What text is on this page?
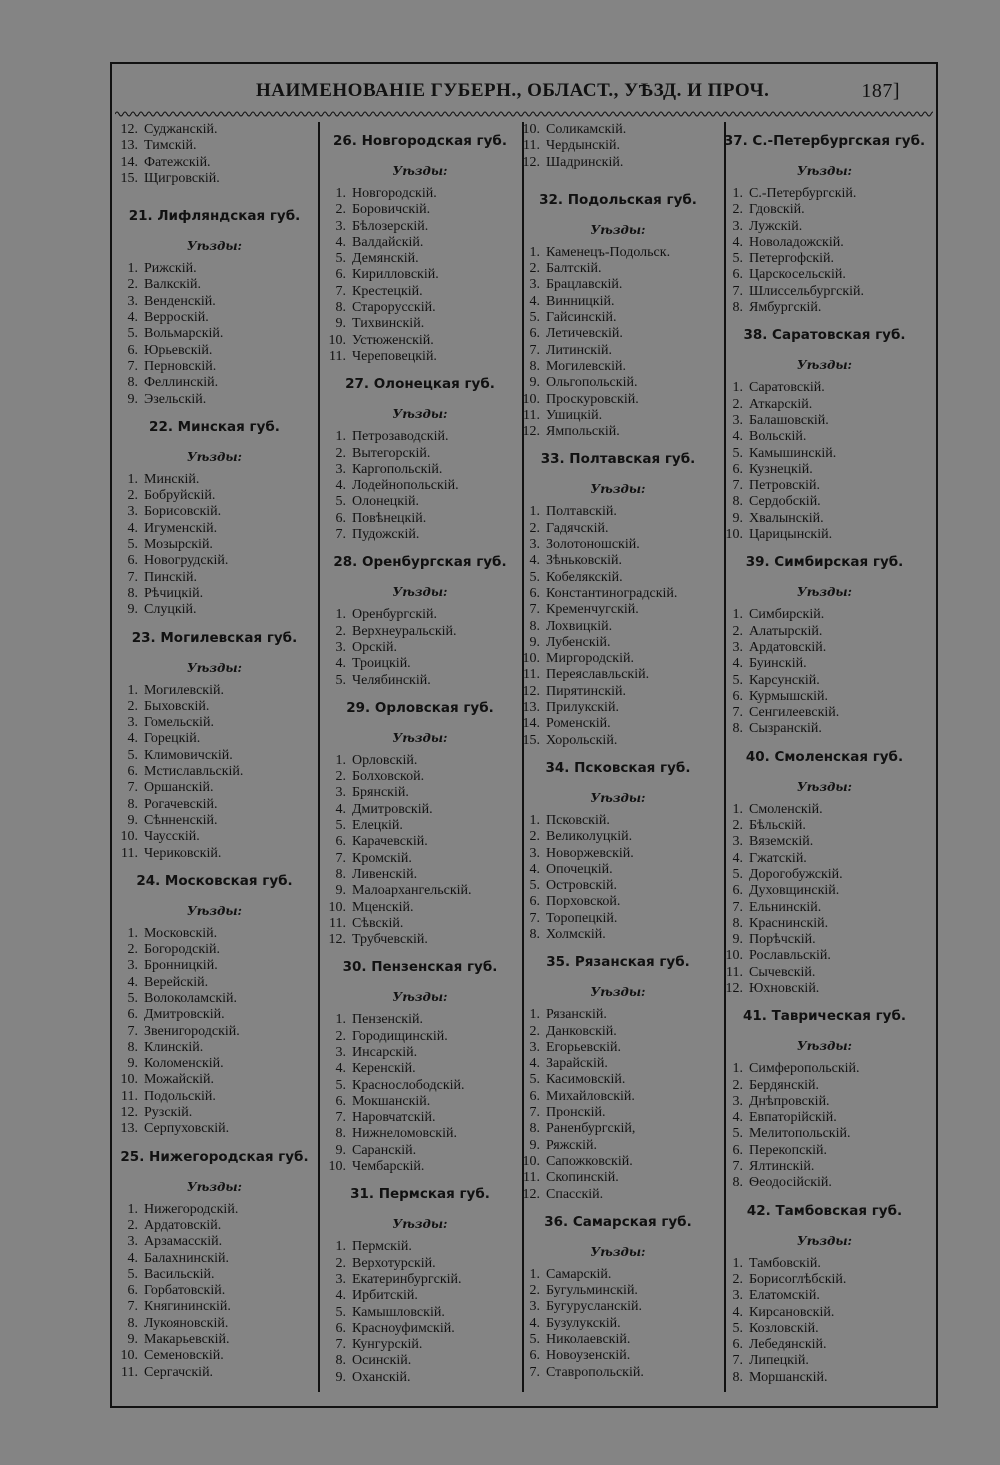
НАИМЕНОВАНІЕ ГУБЕРН., ОБЛАСТ., УѢЗД. И ПРОЧ.	187]
12. Суджанскій.
13. Тимскій.
14. Фатежскій.
15. Щигровскій.
21. Лифляндская губ.
Уѣзды:
1. Рижскій.
2. Валкскій.
3. Венденскій.
4. Верроскій.
5. Вольмарскій.
6. Юрьевскій.
7. Перновскій.
8. Феллинскій.
9. Эзельскій.
22. Минская губ.
Уѣзды:
1. Минскій.
2. Бобруйскій.
3. Борисовскій.
4. Игуменскій.
5. Мозырскій.
6. Новогрудскій.
7. Пинскій.
8. Рѣчицкій.
9. Слуцкій.
23. Могилевская губ.
Уѣзды:
1. Могилевскій.
2. Быховскій.
3. Гомельскій.
4. Горецкій.
5. Климовичскій.
6. Мстиславльскій.
7. Оршанскій.
8. Рогачевскій.
9. Сѣнненскій.
10. Чаусскій.
11. Чериковскій.
24. Московская губ.
Уѣзды:
1. Московскій.
2. Богородскій.
3. Бронницкій.
4. Верейскій.
5. Волоколамскій.
6. Дмитровскій.
7. Звенигородскій.
8. Клинскій.
9. Коломенскій.
10. Можайскій.
11. Подольскій.
12. Рузскій.
13. Серпуховскій.
25. Нижегородская губ.
Уѣзды:
1. Нижегородскій.
2. Ардатовскій.
3. Арзамасскій.
4. Балахнинскій.
5. Васильскій.
6. Горбатовскій.
7. Княгининскій.
8. Лукояновскій.
9. Макарьевскій.
10. Семеновскій.
11. Сергачскій.
26. Новгородская губ.
Уѣзды:
1. Новгородскій.
2. Боровичскій.
3. Бѣлозерскій.
4. Валдайскій.
5. Демянскій.
6. Кирилловскій.
7. Крестецкій.
8. Старорусскій.
9. Тихвинскій.
10. Устюженскій.
11. Череповецкій.
27. Олонецкая губ.
Уѣзды:
1. Петрозаводскій.
2. Вытегорскій.
3. Каргопольскій.
4. Лодейнопольскій.
5. Олонецкій.
6. Повѣнецкій.
7. Пудожскій.
28. Оренбургская губ.
Уѣзды:
1. Оренбургскій.
2. Верхнеуральскій.
3. Орскій.
4. Троицкій.
5. Челябинскій.
29. Орловская губ.
Уѣзды:
1. Орловскій.
2. Болховской.
3. Брянскій.
4. Дмитровскій.
5. Елецкій.
6. Карачевскій.
7. Кромскій.
8. Ливенскій.
9. Малоархангельскій.
10. Мценскій.
11. Сѣвскій.
12. Трубчевскій.
30. Пензенская губ.
Уѣзды:
1. Пензенскій.
2. Городищинскій.
3. Инсарскій.
4. Керенскій.
5. Краснослободскій.
6. Мокшанскій.
7. Наровчатскій.
8. Нижнеломовскій.
9. Саранскій.
10. Чембарскій.
31. Пермская губ.
Уѣзды:
1. Пермскій.
2. Верхотурскій.
3. Екатеринбургскій.
4. Ирбитскій.
5. Камышловскій.
6. Красноуфимскій.
7. Кунгурскій.
8. Осинскій.
9. Оханскій.
10. Соликамскій.
11. Чердынскій.
12. Шадринскій.
32. Подольская губ.
Уѣзды:
1. Каменецъ-Подольск.
2. Балтскій.
3. Брацлавскій.
4. Винницкій.
5. Гайсинскій.
6. Летичевскій.
7. Литинскій.
8. Могилевскій.
9. Ольгопольскій.
10. Проскуровскій.
11. Ушицкій.
12. Ямпольскій.
33. Полтавская губ.
Уѣзды:
1. Полтавскій.
2. Гадячскій.
3. Золотоношскій.
4. Зѣньковскій.
5. Кобелякскій.
6. Константиноградскій.
7. Кременчугскій.
8. Лохвицкій.
9. Лубенскій.
10. Миргородскій.
11. Переяславльскій.
12. Пирятинскій.
13. Прилукскій.
14. Роменскій.
15. Хорольскій.
34. Псковская губ.
Уѣзды:
1. Псковскій.
2. Великолуцкій.
3. Новоржевскій.
4. Опочецкій.
5. Островскій.
6. Порховской.
7. Торопецкій.
8. Холмскій.
35. Рязанская губ.
Уѣзды:
1. Рязанскій.
2. Данковскій.
3. Егорьевскій.
4. Зарайскій.
5. Касимовскій.
6. Михайловскій.
7. Пронскій.
8. Раненбургскій,
9. Ряжскій.
10. Сапожковскій.
11. Скопинскій.
12. Спасскій.
36. Самарская губ.
Уѣзды:
1. Самарскій.
2. Бугульминскій.
3. Бугурусланскій.
4. Бузулукскій.
5. Николаевскій.
6. Новоузенскій.
7. Ставропольскій.
37. С.-Петербургская губ.
Уѣзды:
1. С.-Петербургскій.
2. Гдовскій.
3. Лужскій.
4. Новоладожскій.
5. Петергофскій.
6. Царскосельскій.
7. Шлиссельбургскій.
8. Ямбургскій.
38. Саратовская губ.
Уѣзды:
1. Саратовскій.
2. Аткарскій.
3. Балашовскій.
4. Вольскій.
5. Камышинскій.
6. Кузнецкій.
7. Петровскій.
8. Сердобскій.
9. Хвалынскій.
10. Царицынскій.
39. Симбирская губ.
Уѣзды:
1. Симбирскій.
2. Алатырскій.
3. Ардатовскій.
4. Буинскій.
5. Карсунскій.
6. Курмышскій.
7. Сенгилеевскій.
8. Сызранскій.
40. Смоленская губ.
Уѣзды:
1. Смоленскій.
2. Бѣльскій.
3. Вяземскій.
4. Гжатскій.
5. Дорогобужскій.
6. Духовщинскій.
7. Ельнинскій.
8. Краснинскій.
9. Порѣчскій.
10. Рославльскій.
11. Сычевскій.
12. Юхновскій.
41. Таврическая губ.
Уѣзды:
1. Симферопольскій.
2. Бердянскій.
3. Днѣпровскій.
4. Евпаторійскій.
5. Мелитопольскій.
6. Перекопскій.
7. Ялтинскій.
8. Ѳеодосійскій.
42. Тамбовская губ.
Уѣзды:
1. Тамбовскій.
2. Борисоглѣбскій.
3. Елатомскій.
4. Кирсановскій.
5. Козловскій.
6. Лебедянскій.
7. Липецкій.
8. Моршанскій.
